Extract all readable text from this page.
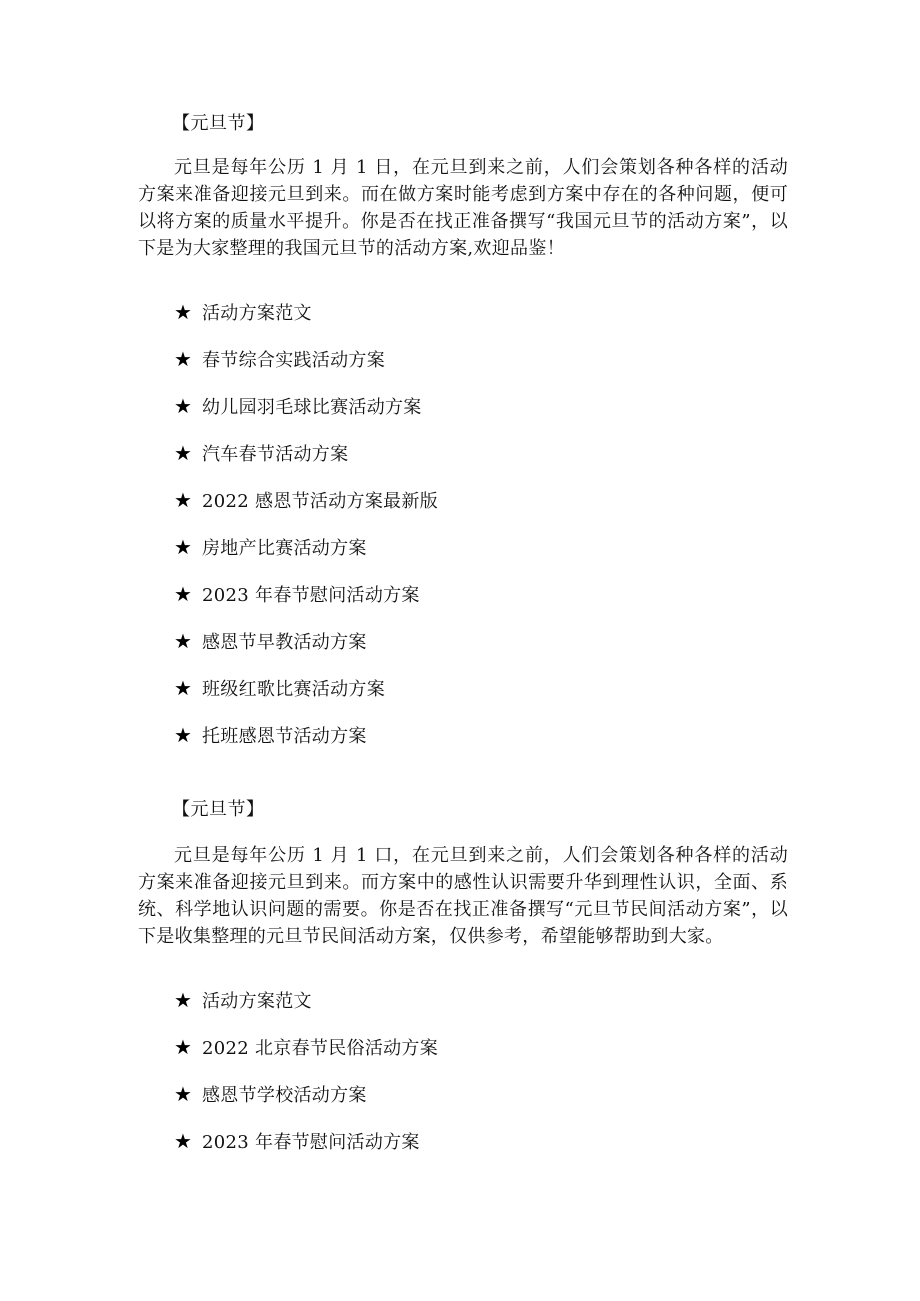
【元旦节】

元旦是每年公历 1 月 1 日，在元旦到来之前，人们会策划各种各样的活动方案来准备迎接元旦到来。而在做方案时能考虑到方案中存在的各种问题，便可以将方案的质量水平提升。你是否在找正准备撰写“我国元旦节的活动方案”，以下是为大家整理的我国元旦节的活动方案,欢迎品鉴！

★ 活动方案范文
★ 春节综合实践活动方案
★ 幼儿园羽毛球比赛活动方案
★ 汽车春节活动方案
★ 2022 感恩节活动方案最新版
★ 房地产比赛活动方案
★ 2023 年春节慰问活动方案
★ 感恩节早教活动方案
★ 班级红歌比赛活动方案
★ 托班感恩节活动方案
【元旦节】

元旦是每年公历 1 月 1 口，在元旦到来之前，人们会策划各种各样的活动方案来准备迎接元旦到来。而方案中的感性认识需要升华到理性认识，全面、系统、科学地认识问题的需要。你是否在找正准备撰写“元旦节民间活动方案”，以下是收集整理的元旦节民间活动方案，仅供参考，希望能够帮助到大家。

★ 活动方案范文
★ 2022 北京春节民俗活动方案
★ 感恩节学校活动方案
★ 2023 年春节慰问活动方案
